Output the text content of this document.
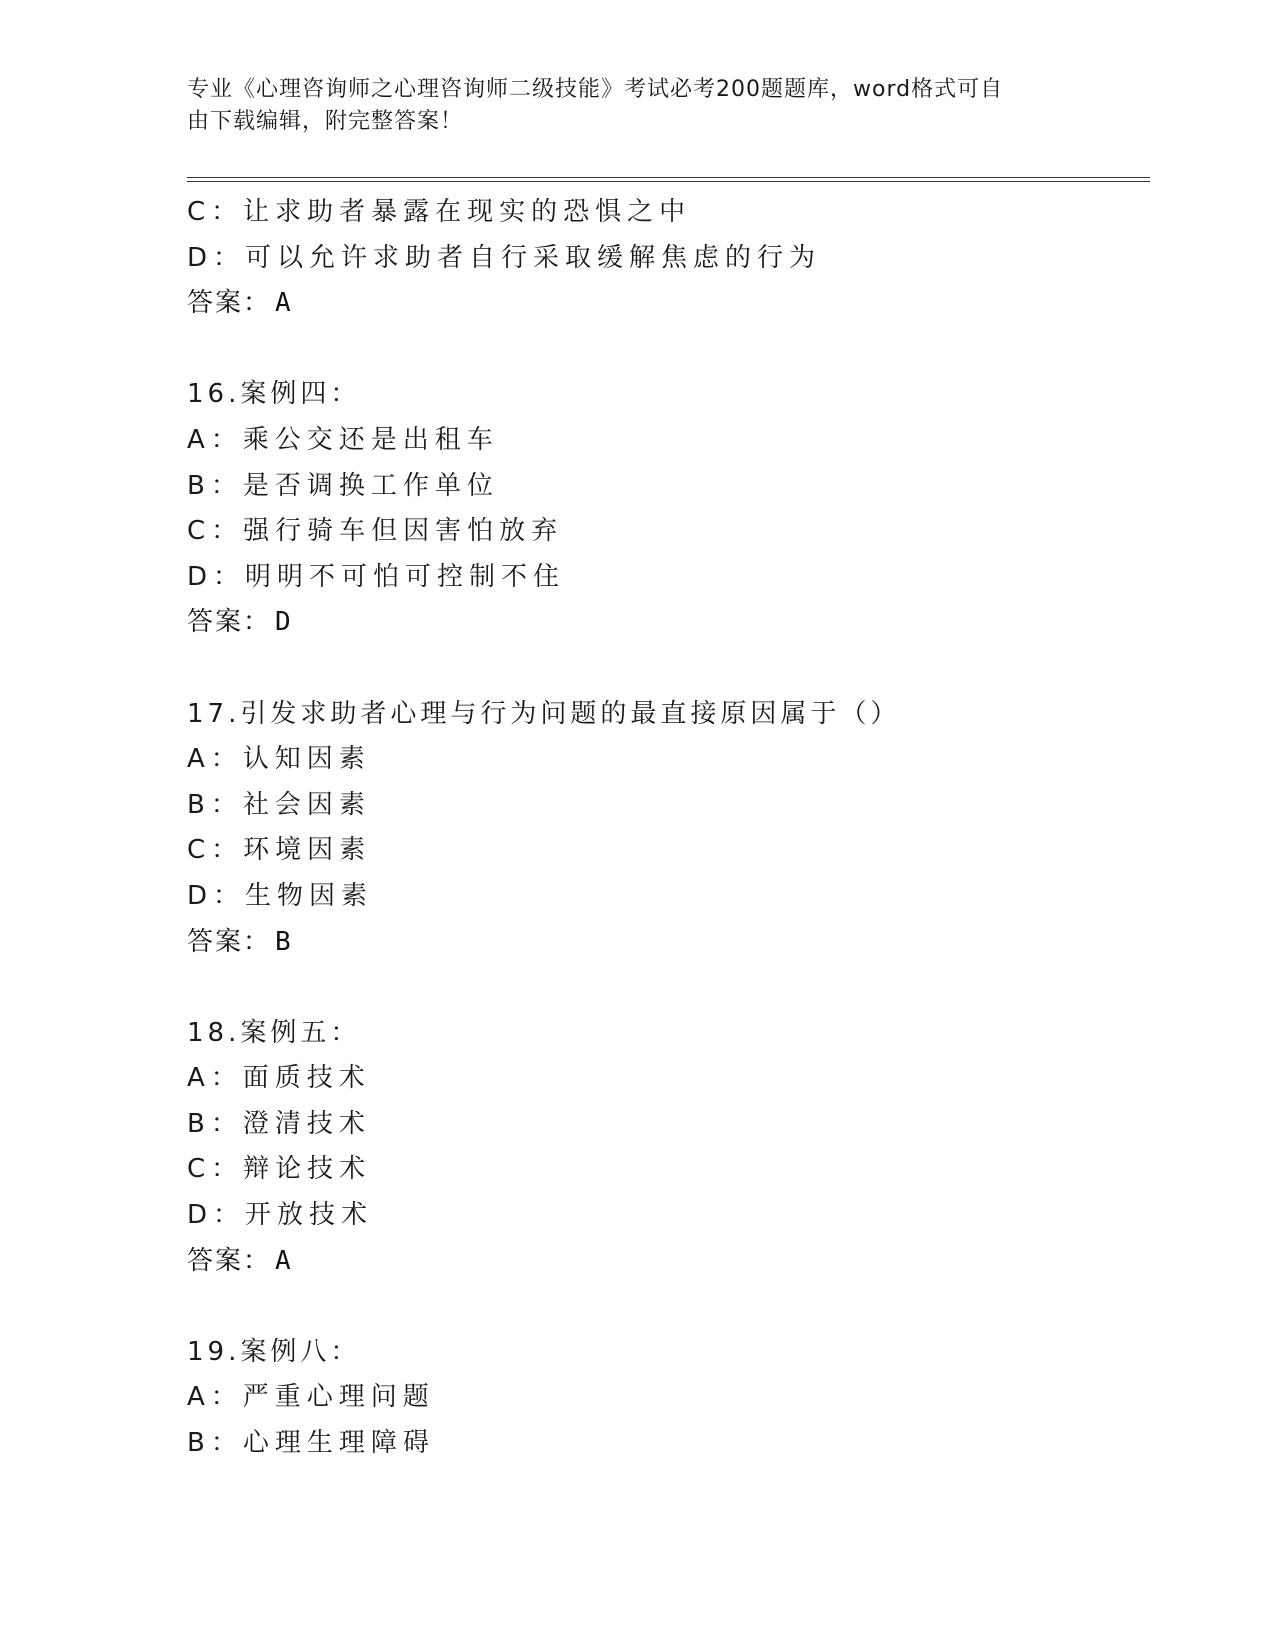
专业《心理咨询师之心理咨询师二级技能》考试必考200题题库，word格式可自
由下载编辑，附完整答案！
C：让求助者暴露在现实的恐惧之中
D：可以允许求助者自行采取缓解焦虑的行为
答案： A
16.案例四：
A：乘公交还是出租车
B：是否调换工作单位
C：强行骑车但因害怕放弃
D：明明不可怕可控制不住
答案： D
17.引发求助者心理与行为问题的最直接原因属于（）
A：认知因素
B：社会因素
C：环境因素
D：生物因素
答案： B
18.案例五：
A：面质技术
B：澄清技术
C：辩论技术
D：开放技术
答案： A
19.案例八：
A：严重心理问题
B：心理生理障碍
